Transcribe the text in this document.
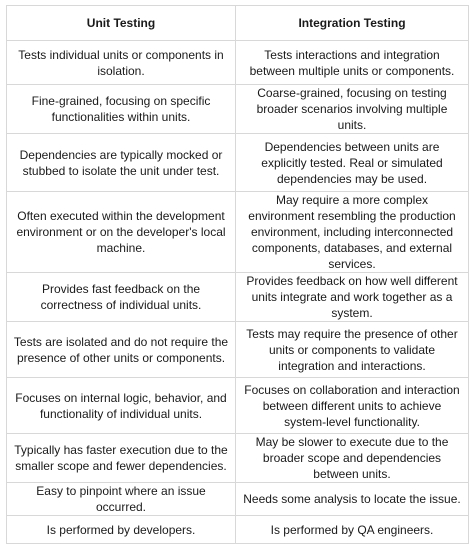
Unit Testing	Integration Testing
Tests individual units or components in isolation.	Tests interactions and integration between multiple units or components.
Fine-grained, focusing on specific functionalities within units.	Coarse-grained, focusing on testing broader scenarios involving multiple units.
Dependencies are typically mocked or stubbed to isolate the unit under test.	Dependencies between units are explicitly tested. Real or simulated dependencies may be used.
Often executed within the development environment or on the developer's local machine.	May require a more complex environment resembling the production environment, including interconnected components, databases, and external services.
Provides fast feedback on the correctness of individual units.	Provides feedback on how well different units integrate and work together as a system.
Tests are isolated and do not require the presence of other units or components.	Tests may require the presence of other units or components to validate integration and interactions.
Focuses on internal logic, behavior, and functionality of individual units.	Focuses on collaboration and interaction between different units to achieve system-level functionality.
Typically has faster execution due to the smaller scope and fewer dependencies.	May be slower to execute due to the broader scope and dependencies between units.
Easy to pinpoint where an issue occurred.	Needs some analysis to locate the issue.
Is performed by developers.	Is performed by QA engineers.
